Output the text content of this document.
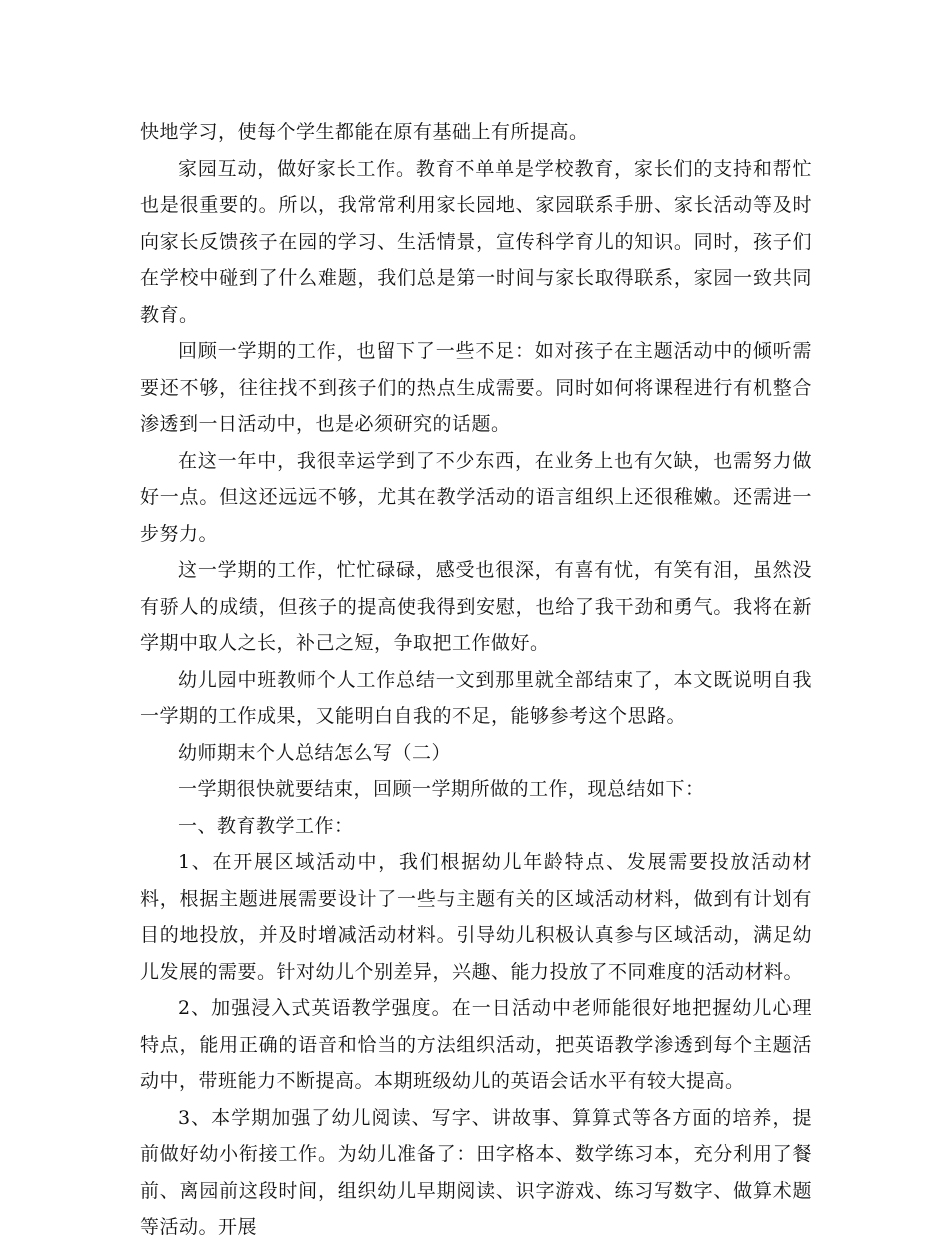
快地学习，使每个学生都能在原有基础上有所提高。

家园互动，做好家长工作。教育不单单是学校教育，家长们的支持和帮忙也是很重要的。所以，我常常利用家长园地、家园联系手册、家长活动等及时向家长反馈孩子在园的学习、生活情景，宣传科学育儿的知识。同时，孩子们在学校中碰到了什么难题，我们总是第一时间与家长取得联系，家园一致共同教育。

回顾一学期的工作，也留下了一些不足：如对孩子在主题活动中的倾听需要还不够，往往找不到孩子们的热点生成需要。同时如何将课程进行有机整合渗透到一日活动中，也是必须研究的话题。

在这一年中，我很幸运学到了不少东西，在业务上也有欠缺，也需努力做好一点。但这还远远不够，尤其在教学活动的语言组织上还很稚嫩。还需进一步努力。

这一学期的工作，忙忙碌碌，感受也很深，有喜有忧，有笑有泪，虽然没有骄人的成绩，但孩子的提高使我得到安慰，也给了我干劲和勇气。我将在新学期中取人之长，补己之短，争取把工作做好。

幼儿园中班教师个人工作总结一文到那里就全部结束了，本文既说明自我一学期的工作成果，又能明白自我的不足，能够参考这个思路。

幼师期末个人总结怎么写（二）

一学期很快就要结束，回顾一学期所做的工作，现总结如下：

一、教育教学工作：

1、在开展区域活动中，我们根据幼儿年龄特点、发展需要投放活动材料，根据主题进展需要设计了一些与主题有关的区域活动材料，做到有计划有目的地投放，并及时增减活动材料。引导幼儿积极认真参与区域活动，满足幼儿发展的需要。针对幼儿个别差异，兴趣、能力投放了不同难度的活动材料。

2、加强浸入式英语教学强度。在一日活动中老师能很好地把握幼儿心理特点，能用正确的语音和恰当的方法组织活动，把英语教学渗透到每个主题活动中，带班能力不断提高。本期班级幼儿的英语会话水平有较大提高。

3、本学期加强了幼儿阅读、写字、讲故事、算算式等各方面的培养，提前做好幼小衔接工作。为幼儿准备了：田字格本、数学练习本，充分利用了餐前、离园前这段时间，组织幼儿早期阅读、识字游戏、练习写数字、做算术题等活动。开展
